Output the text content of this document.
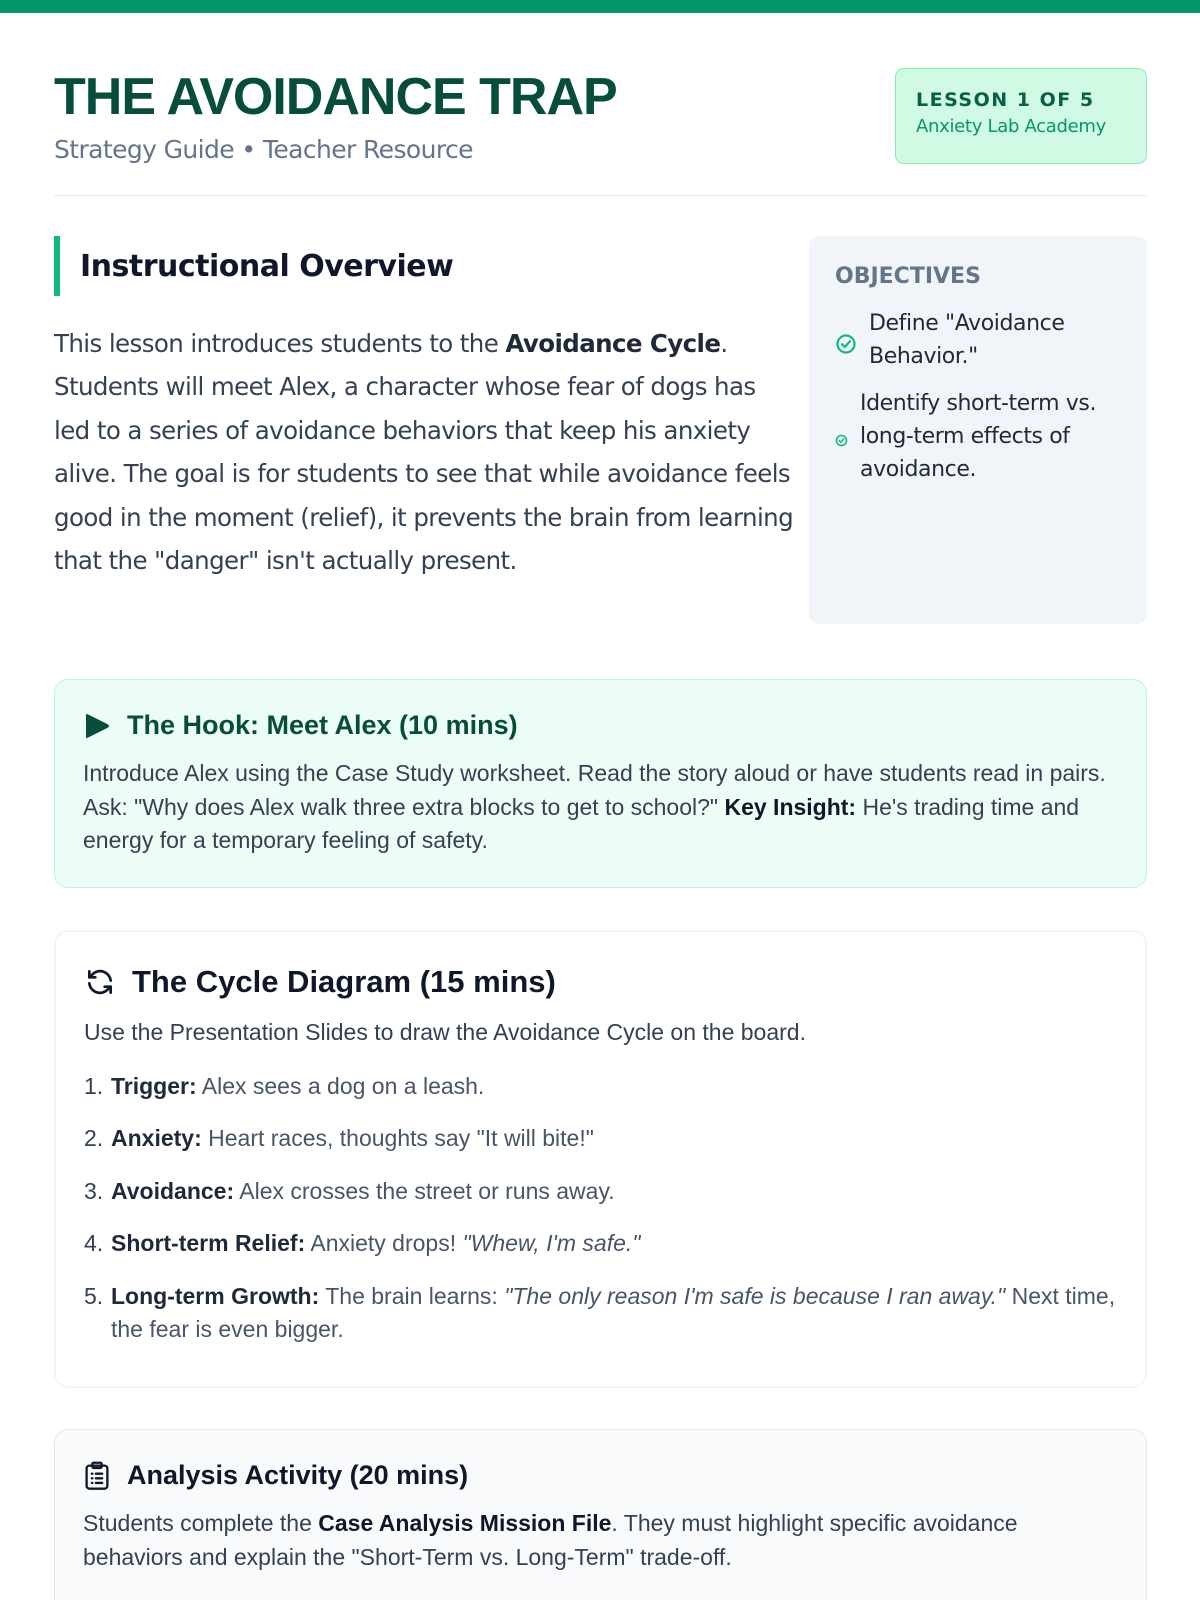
THE AVOIDANCE TRAP
Strategy Guide • Teacher Resource
LESSON 1 OF 5
Anxiety Lab Academy
Instructional Overview

This lesson introduces students to the Avoidance Cycle. Students will meet Alex, a character whose fear of dogs has led to a series of avoidance behaviors that keep his anxiety alive. The goal is for students to see that while avoidance feels good in the moment (relief), it prevents the brain from learning that the "danger" isn't actually present.

OBJECTIVES
Define "Avoidance Behavior."
Identify short-term vs. long-term effects of avoidance.
The Hook: Meet Alex (10 mins)

Introduce Alex using the Case Study worksheet. Read the story aloud or have students read in pairs. Ask: "Why does Alex walk three extra blocks to get to school?" Key Insight: He's trading time and energy for a temporary feeling of safety.

The Cycle Diagram (15 mins)

Use the Presentation Slides to draw the Avoidance Cycle on the board.

1. Trigger: Alex sees a dog on a leash.
2. Anxiety: Heart races, thoughts say "It will bite!"
3. Avoidance: Alex crosses the street or runs away.
4. Short-term Relief: Anxiety drops! "Whew, I'm safe."
5. Long-term Growth: The brain learns: "The only reason I'm safe is because I ran away." Next time, the fear is even bigger.
Analysis Activity (20 mins)

Students complete the Case Analysis Mission File. They must highlight specific avoidance behaviors and explain the "Short-Term vs. Long-Term" trade-off.
